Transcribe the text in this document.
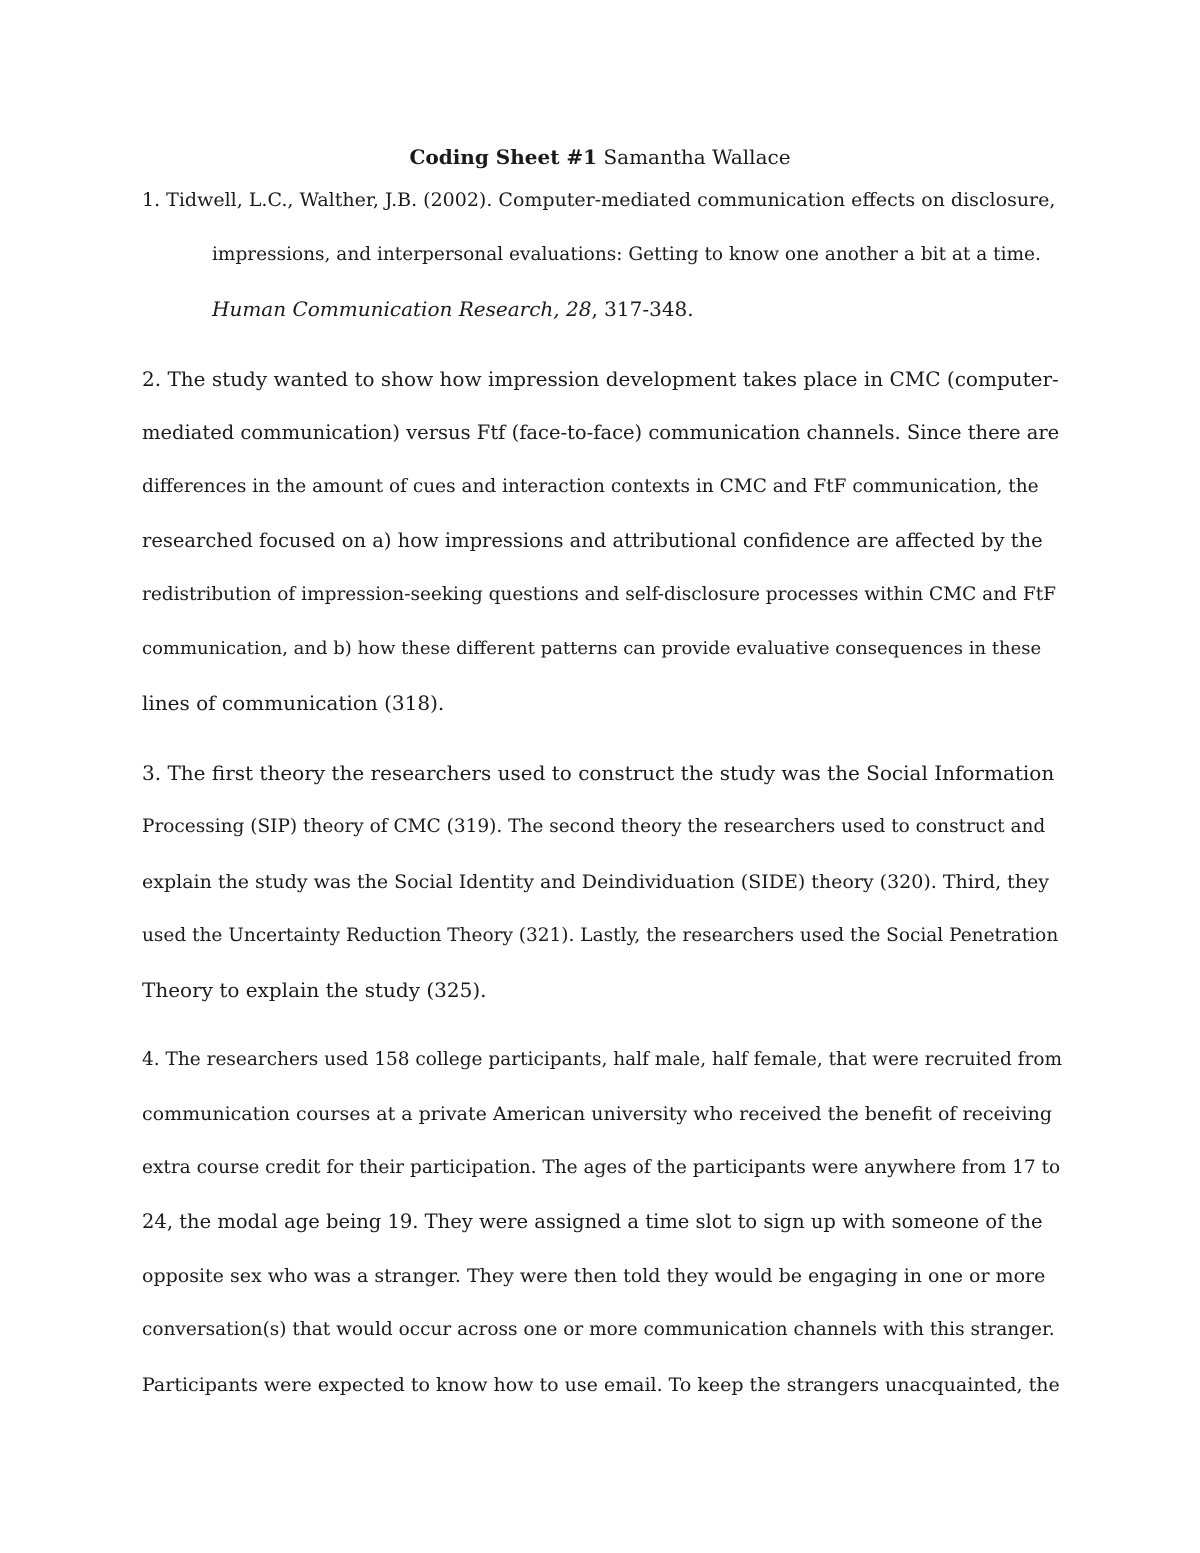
Coding Sheet #1 Samantha Wallace
1. Tidwell, L.C., Walther, J.B. (2002). Computer-mediated communication effects on disclosure,
impressions, and interpersonal evaluations: Getting to know one another a bit at a time.
Human Communication Research, 28, 317-348.
2. The study wanted to show how impression development takes place in CMC (computer-
mediated communication) versus Ftf (face-to-face) communication channels. Since there are
differences in the amount of cues and interaction contexts in CMC and FtF communication, the
researched focused on a) how impressions and attributional confidence are affected by the
redistribution of impression-seeking questions and self-disclosure processes within CMC and FtF
communication, and b) how these different patterns can provide evaluative consequences in these
lines of communication (318).
3. The first theory the researchers used to construct the study was the Social Information
Processing (SIP) theory of CMC (319). The second theory the researchers used to construct and
explain the study was the Social Identity and Deindividuation (SIDE) theory (320). Third, they
used the Uncertainty Reduction Theory (321). Lastly, the researchers used the Social Penetration
Theory to explain the study (325).
4. The researchers used 158 college participants, half male, half female, that were recruited from
communication courses at a private American university who received the benefit of receiving
extra course credit for their participation. The ages of the participants were anywhere from 17 to
24, the modal age being 19. They were assigned a time slot to sign up with someone of the
opposite sex who was a stranger. They were then told they would be engaging in one or more
conversation(s) that would occur across one or more communication channels with this stranger.
Participants were expected to know how to use email. To keep the strangers unacquainted, the
